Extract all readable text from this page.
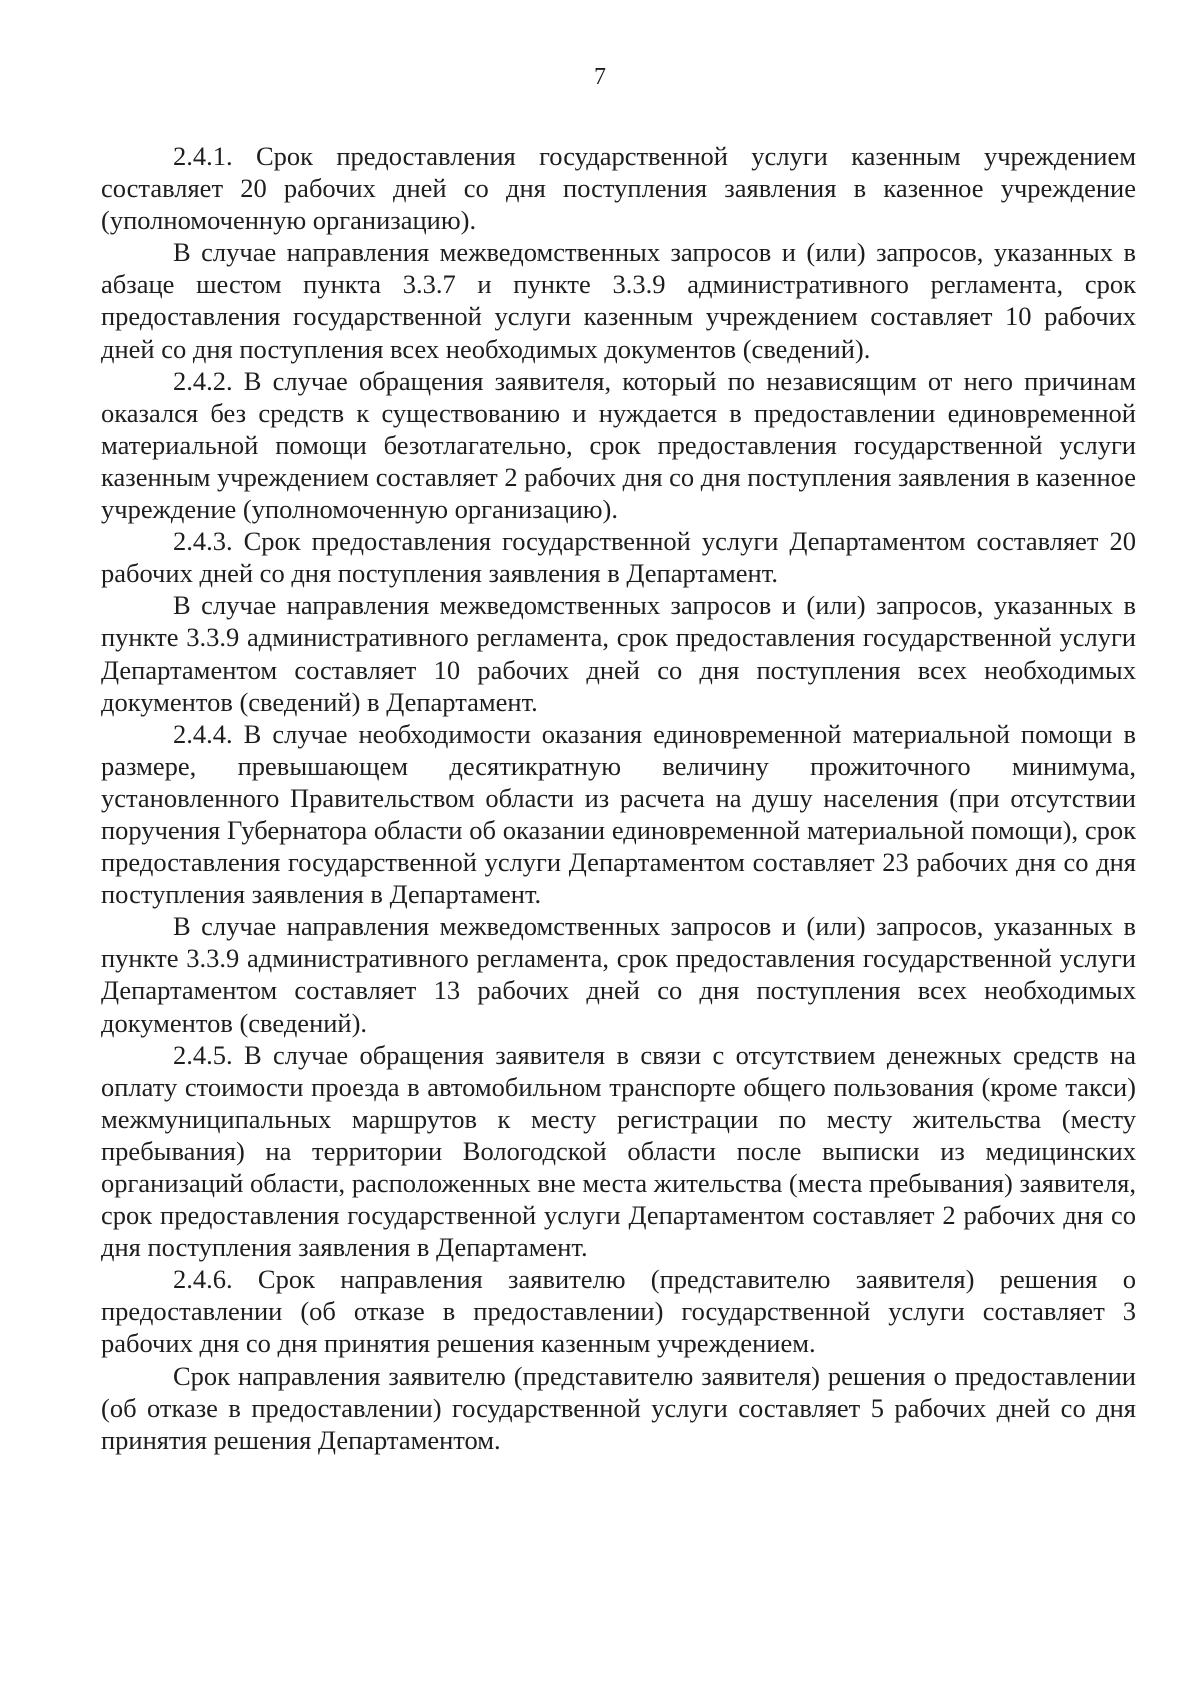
7

2.4.1. Срок предоставления государственной услуги казенным учреждением составляет 20 рабочих дней со дня поступления заявления в казенное учреждение (уполномоченную организацию).

В случае направления межведомственных запросов и (или) запросов, указанных в абзаце шестом пункта 3.3.7 и пункте 3.3.9 административного регламента, срок предоставления государственной услуги казенным учреждением составляет 10 рабочих дней со дня поступления всех необходимых документов (сведений).

2.4.2. В случае обращения заявителя, который по независящим от него причинам оказался без средств к существованию и нуждается в предоставлении единовременной материальной помощи безотлагательно, срок предоставления государственной услуги казенным учреждением составляет 2 рабочих дня со дня поступления заявления в казенное учреждение (уполномоченную организацию).

2.4.3. Срок предоставления государственной услуги Департаментом составляет 20 рабочих дней со дня поступления заявления в Департамент.

В случае направления межведомственных запросов и (или) запросов, указанных в пункте 3.3.9 административного регламента, срок предоставления государственной услуги Департаментом составляет 10 рабочих дней со дня поступления всех необходимых документов (сведений) в Департамент.

2.4.4. В случае необходимости оказания единовременной материальной помощи в размере, превышающем десятикратную величину прожиточного минимума, установленного Правительством области из расчета на душу населения (при отсутствии поручения Губернатора области об оказании единовременной материальной помощи), срок предоставления государственной услуги Департаментом составляет 23 рабочих дня со дня поступления заявления в Департамент.

В случае направления межведомственных запросов и (или) запросов, указанных в пункте 3.3.9 административного регламента, срок предоставления государственной услуги Департаментом составляет 13 рабочих дней со дня поступления всех необходимых документов (сведений).

2.4.5. В случае обращения заявителя в связи с отсутствием денежных средств на оплату стоимости проезда в автомобильном транспорте общего пользования (кроме такси) межмуниципальных маршрутов к месту регистрации по месту жительства (месту пребывания) на территории Вологодской области после выписки из медицинских организаций области, расположенных вне места жительства (места пребывания) заявителя, срок предоставления государственной услуги Департаментом составляет 2 рабочих дня со дня поступления заявления в Департамент.

2.4.6. Срок направления заявителю (представителю заявителя) решения о предоставлении (об отказе в предоставлении) государственной услуги составляет 3 рабочих дня со дня принятия решения казенным учреждением.

Срок направления заявителю (представителю заявителя) решения о предоставлении (об отказе в предоставлении) государственной услуги составляет 5 рабочих дней со дня принятия решения Департаментом.
